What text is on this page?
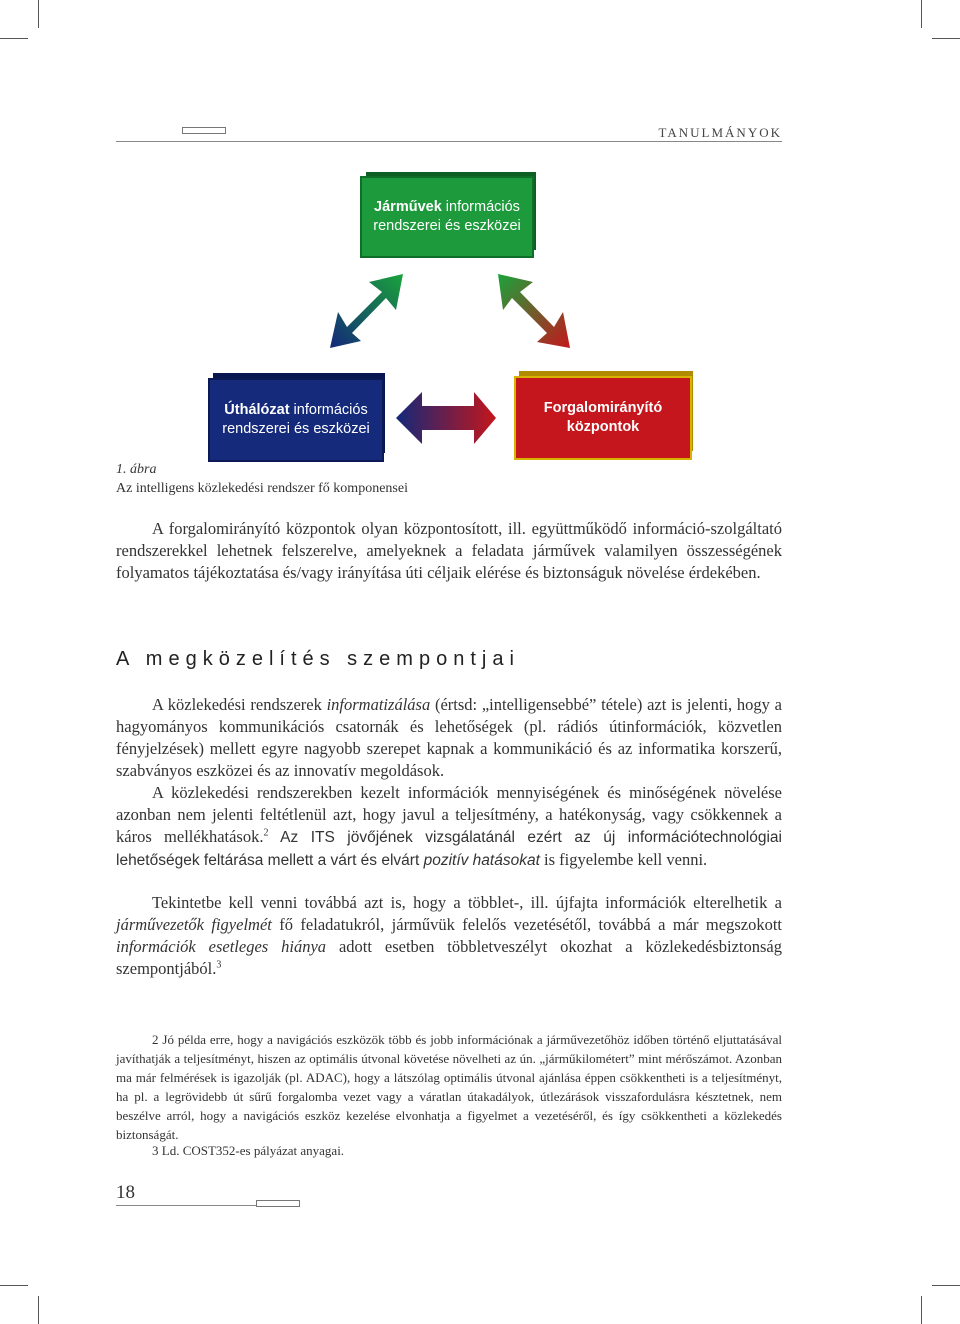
TANULMÁNYOK
Járművek információs
rendszerei és eszközei
Úthálózat információs
rendszerei és eszközei
Forgalomirányító
központok
1. ábra
Az intelligens közlekedési rendszer fő komponensei
A forgalomirányító központok olyan központosított, ill. együttműködő információ-szolgáltató rendszerekkel lehetnek felszerelve, amelyeknek a feladata járművek valamilyen összességének folyamatos tájékoztatása és/vagy irányítása úti céljaik elérése és biztonságuk növelése érdekében.
A megközelítés szempontjai
A közlekedési rendszerek informatizálása (értsd: „intelligensebbé” tétele) azt is jelenti, hogy a hagyományos kommunikációs csatornák és lehetőségek (pl. rádiós útinformációk, közvetlen fényjelzések) mellett egyre nagyobb szerepet kapnak a kommunikáció és az informatika korszerű, szabványos eszközei és az innovatív megoldások.
A közlekedési rendszerekben kezelt információk mennyiségének és minőségének növelése azonban nem jelenti feltétlenül azt, hogy javul a teljesítmény, a hatékonyság, vagy csökkennek a káros mellékhatások.$^2$ Az ITS jövőjének vizsgálatánál ezért az új információtechnológiai lehetőségek feltárása mellett a várt és elvárt pozitív hatásokat is figyelembe kell venni.
Tekintetbe kell venni továbbá azt is, hogy a többlet-, ill. újfajta információk elterelhetik a járművezetők figyelmét fő feladatukról, járművük felelős vezetésétől, továbbá a már megszokott információk esetleges hiánya adott esetben többletveszélyt okozhat a közlekedésbiztonság szempontjából.$^3$
2 Jó példa erre, hogy a navigációs eszközök több és jobb információnak a járművezetőhöz időben történő eljuttatásával javíthatják a teljesítményt, hiszen az optimális útvonal követése növelheti az ún. „járműkilométert” mint mérőszámot. Azonban ma már felmérések is igazolják (pl. ADAC), hogy a látszólag optimális útvonal ajánlása éppen csökkentheti is a teljesítményt, ha pl. a legrövidebb út sűrű forgalomba vezet vagy a váratlan útakadályok, útlezárások visszafordulásra késztetnek, nem beszélve arról, hogy a navigációs eszköz kezelése elvonhatja a figyelmet a vezetéséről, és így csökkentheti a közlekedés biztonságát.
3 Ld. COST352-es pályázat anyagai.
18
